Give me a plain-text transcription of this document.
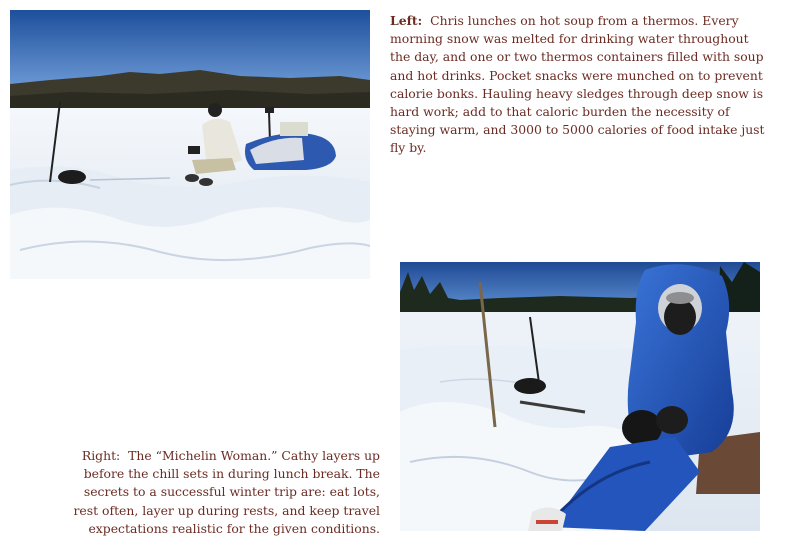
Left: Chris lunches on hot soup from a thermos. Every morning snow was melted for drinking water throughout the day, and one or two thermos containers filled with soup and hot drinks. Pocket snacks were munched on to prevent calorie bonks. Hauling heavy sledges through deep snow is hard work; add to that caloric burden the necessity of staying warm, and 3000 to 5000 calories of food intake just fly by.
Right: The “Michelin Woman.” Cathy layers up before the chill sets in during lunch break. The secrets to a successful winter trip are: eat lots, rest often, layer up during rests, and keep travel expectations realistic for the given conditions.
